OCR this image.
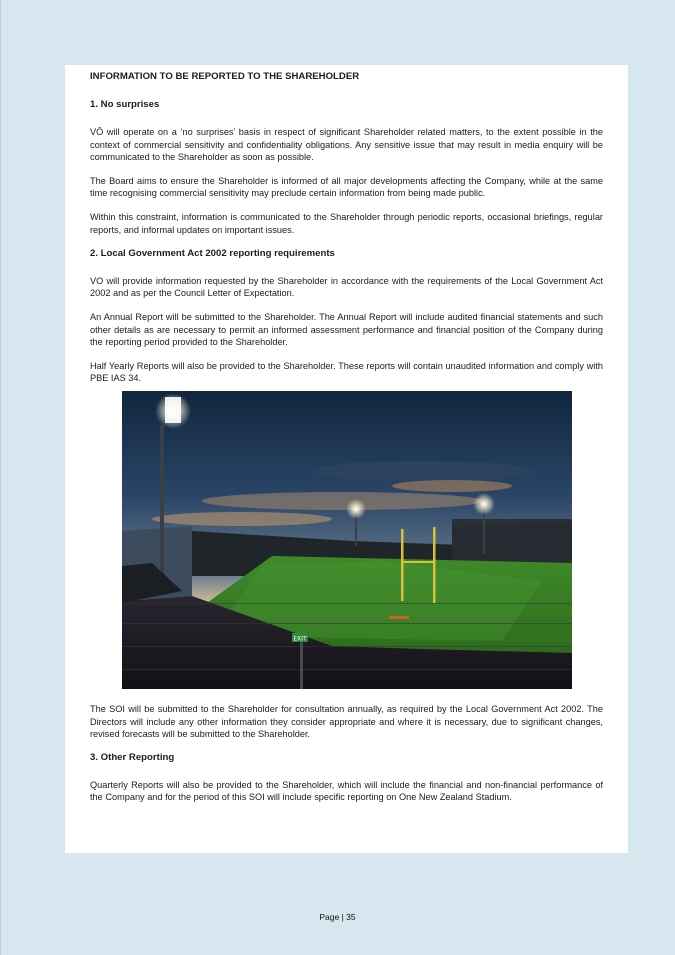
INFORMATION TO BE REPORTED TO THE SHAREHOLDER
1. No surprises

VŌ will operate on a ‘no surprises’ basis in respect of significant Shareholder related matters, to the extent possible in the context of commercial sensitivity and confidentiality obligations. Any sensitive issue that may result in media enquiry will be communicated to the Shareholder as soon as possible.

The Board aims to ensure the Shareholder is informed of all major developments affecting the Company, while at the same time recognising commercial sensitivity may preclude certain information from being made public.

Within this constraint, information is communicated to the Shareholder through periodic reports, occasional briefings, regular reports, and informal updates on important issues.

2. Local Government Act 2002 reporting requirements

VO will provide information requested by the Shareholder in accordance with the requirements of the Local Government Act 2002 and as per the Council Letter of Expectation.

An Annual Report will be submitted to the Shareholder. The Annual Report will include audited financial statements and such other details as are necessary to permit an informed assessment performance and financial position of the Company during the reporting period provided to the Shareholder.

Half Yearly Reports will also be provided to the Shareholder. These reports will contain unaudited information and comply with PBE IAS 34.

EXIT

The SOI will be submitted to the Shareholder for consultation annually, as required by the Local Government Act 2002. The Directors will include any other information they consider appropriate and where it is necessary, due to significant changes, revised forecasts will be submitted to the Shareholder.

3. Other Reporting

Quarterly Reports will also be provided to the Shareholder, which will include the financial and non-financial performance of the Company and for the period of this SOI will include specific reporting on One New Zealand Stadium.

Page | 35
